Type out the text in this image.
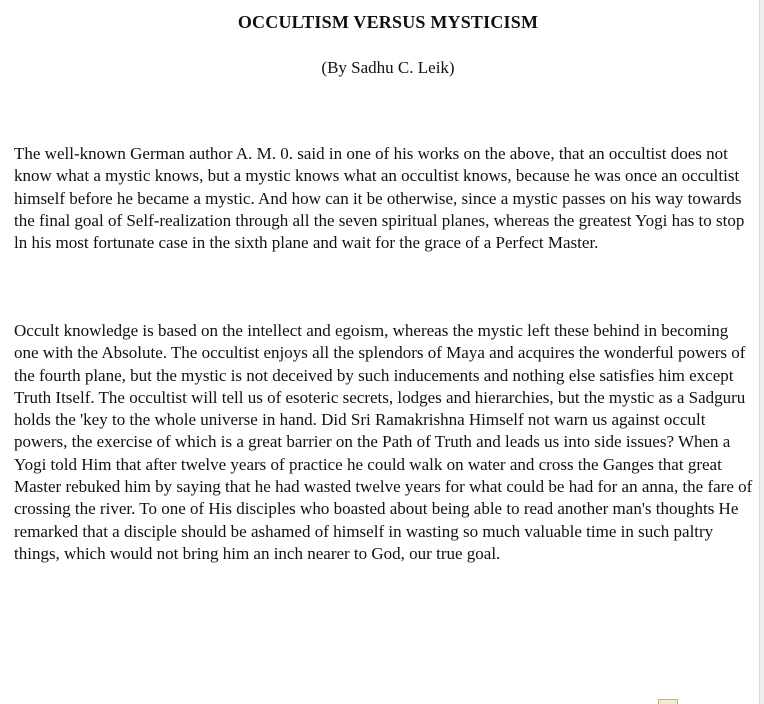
OCCULTISM VERSUS MYSTICISM
(By Sadhu C. Leik)

The well-known German author A. M. 0. said in one of his works on the above, that an occultist does not know what a mystic knows, but a mystic knows what an occultist knows, because he was once an occultist himself before he became a mystic. And how can it be otherwise, since a mystic passes on his way towards the final goal of Self-realization through all the seven spiritual planes, whereas the greatest Yogi has to stop ln his most fortunate case in the sixth plane and wait for the grace of a Perfect Master.

Occult knowledge is based on the intellect and egoism, whereas the mystic left these behind in becoming one with the Absolute. The occultist enjoys all the splendors of Maya and acquires the wonderful powers of the fourth plane, but the mystic is not deceived by such inducements and nothing else satisfies him except Truth Itself. The occultist will tell us of esoteric secrets, lodges and hierarchies, but the mystic as a Sadguru holds the 'key to the whole universe in hand. Did Sri Ramakrishna Himself not warn us against occult powers, the exercise of which is a great barrier on the Path of Truth and leads us into side issues? When a Yogi told Him that after twelve years of practice he could walk on water and cross the Ganges that great Master rebuked him by saying that he had wasted twelve years for what could be had for an anna, the fare of crossing the river. To one of His disciples who boasted about being able to read another man's thoughts He remarked that a disciple should be ashamed of himself in wasting so much valuable time in such paltry things, which would not bring him an inch nearer to God, our true goal.
